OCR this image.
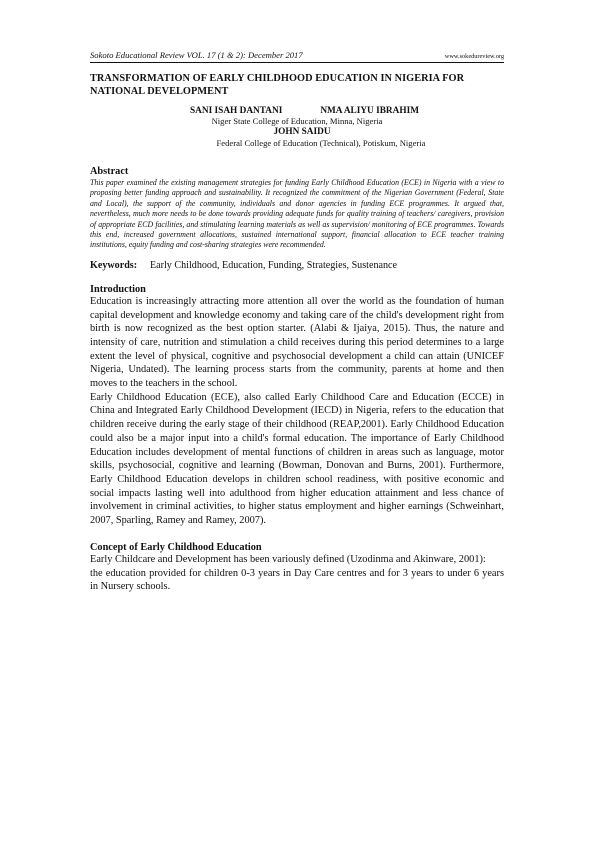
Sokoto Educational Review VOL. 17 (1 & 2): December 2017	www.sokedureview.org
TRANSFORMATION OF EARLY CHILDHOOD EDUCATION IN NIGERIA FOR NATIONAL DEVELOPMENT
SANI ISAH DANTANI	NMA ALIYU IBRAHIM
Niger State College of Education, Minna, Nigeria
JOHN SAIDU
Federal College of Education (Technical), Potiskum, Nigeria
Abstract
This paper examined the existing management strategies for funding Early Childhood Education (ECE) in Nigeria with a view to proposing better funding approach and sustainability. It recognized the commitment of the Nigerian Government (Federal, State and Local), the support of the community, individuals and donor agencies in funding ECE programmes. It argued that, nevertheless, much more needs to be done towards providing adequate funds for quality training of teachers/ caregivers, provision of appropriate ECD facilities, and stimulating learning materials as well as supervision/ monitoring of ECE programmes. Towards this end, increased government allocations, sustained international support, financial allocation to ECE teacher training institutions, equity funding and cost-sharing strategies were recommended.
Keywords:	Early Childhood, Education, Funding, Strategies, Sustenance
Introduction

Education is increasingly attracting more attention all over the world as the foundation of human capital development and knowledge economy and taking care of the child's development right from birth is now recognized as the best option starter. (Alabi & Ijaiya, 2015). Thus, the nature and intensity of care, nutrition and stimulation a child receives during this period determines to a large extent the level of physical, cognitive and psychosocial development a child can attain (UNICEF Nigeria, Undated). The learning process starts from the community, parents at home and then moves to the teachers in the school.

Early Childhood Education (ECE), also called Early Childhood Care and Education (ECCE) in China and Integrated Early Childhood Development (IECD) in Nigeria, refers to the education that children receive during the early stage of their childhood (REAP,2001). Early Childhood Education could also be a major input into a child's formal education. The importance of Early Childhood Education includes development of mental functions of children in areas such as language, motor skills, psychosocial, cognitive and learning (Bowman, Donovan and Burns, 2001). Furthermore, Early Childhood Education develops in children school readiness, with positive economic and social impacts lasting well into adulthood from higher education attainment and less chance of involvement in criminal activities, to higher status employment and higher earnings (Schweinhart, 2007, Sparling, Ramey and Ramey, 2007).

Concept of Early Childhood Education

Early Childcare and Development has been variously defined (Uzodinma and Akinware, 2001):

the education provided for children 0-3 years in Day Care centres and for 3 years to under 6 years in Nursery schools.
